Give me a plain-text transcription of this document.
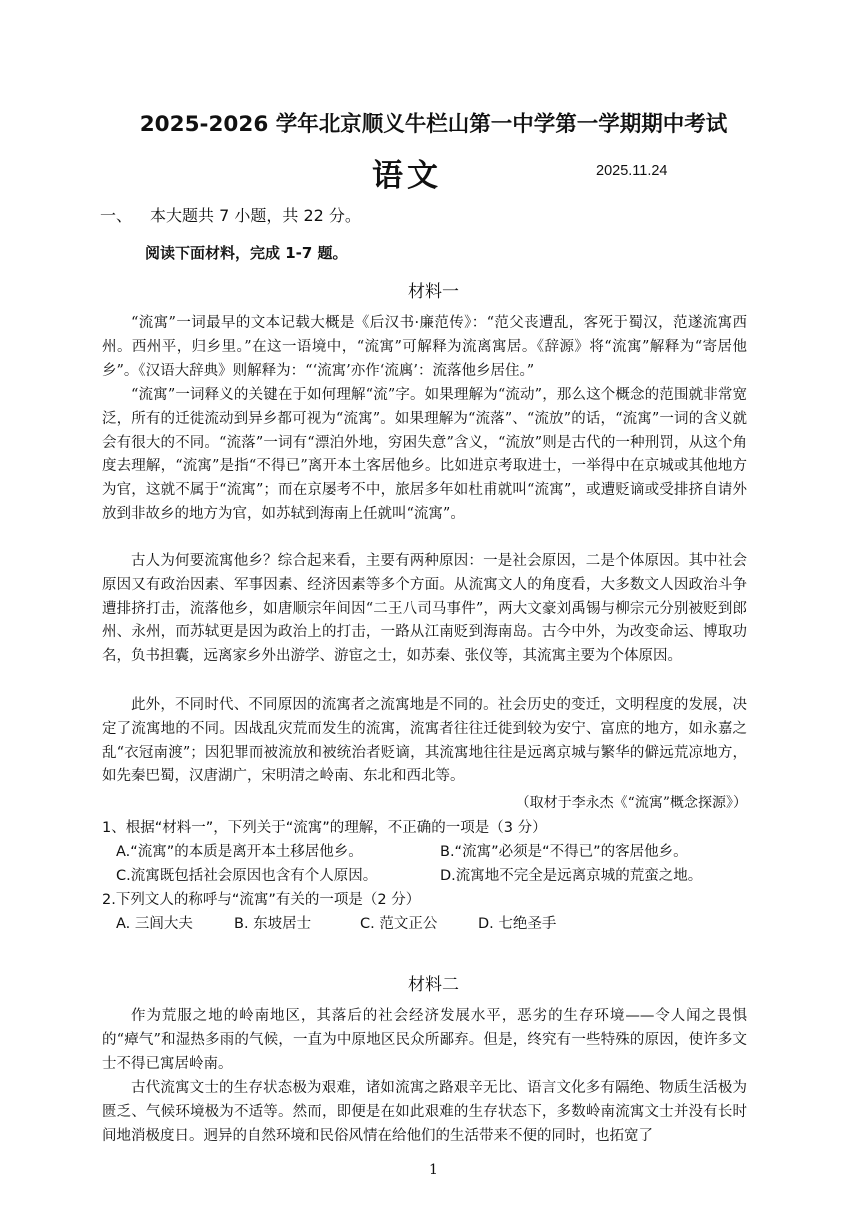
2025-2026 学年北京顺义牛栏山第一中学第一学期期中考试
语文	2025.11.24
一、 本大题共 7 小题，共 22 分。
阅读下面材料，完成 1-7 题。
材料一
“流寓”一词最早的文本记载大概是《后汉书·廉范传》：“范父丧遭乱，客死于蜀汉，范遂流寓西州。西州平，归乡里。”在这一语境中，“流寓”可解释为流离寓居。《辞源》将“流寓”解释为“寄居他乡”。《汉语大辞典》则解释为：“‘流寓’亦作‘流庽’：流落他乡居住。”
“流寓”一词释义的关键在于如何理解“流”字。如果理解为“流动”，那么这个概念的范围就非常宽泛，所有的迁徙流动到异乡都可视为“流寓”。如果理解为“流落”、“流放”的话，“流寓”一词的含义就会有很大的不同。“流落”一词有“漂泊外地，穷困失意”含义，“流放”则是古代的一种刑罚，从这个角度去理解，“流寓”是指“不得已”离开本土客居他乡。比如进京考取进士，一举得中在京城或其他地方为官，这就不属于“流寓”；而在京屡考不中，旅居多年如杜甫就叫“流寓”，或遭贬谪或受排挤自请外放到非故乡的地方为官，如苏轼到海南上任就叫“流寓”。
古人为何要流寓他乡？综合起来看，主要有两种原因：一是社会原因，二是个体原因。其中社会原因又有政治因素、军事因素、经济因素等多个方面。从流寓文人的角度看，大多数文人因政治斗争遭排挤打击，流落他乡，如唐顺宗年间因“二王八司马事件”，两大文豪刘禹锡与柳宗元分别被贬到郎州、永州，而苏轼更是因为政治上的打击，一路从江南贬到海南岛。古今中外，为改变命运、博取功名，负书担囊，远离家乡外出游学、游宦之士，如苏秦、张仪等，其流寓主要为个体原因。
此外，不同时代、不同原因的流寓者之流寓地是不同的。社会历史的变迁，文明程度的发展，决定了流寓地的不同。因战乱灾荒而发生的流寓，流寓者往往迁徙到较为安宁、富庶的地方，如永嘉之乱“衣冠南渡”；因犯罪而被流放和被统治者贬谪，其流寓地往往是远离京城与繁华的僻远荒凉地方，如先秦巴蜀，汉唐湖广，宋明清之岭南、东北和西北等。
（取材于李永杰《“流寓”概念探源》）
1、根据“材料一”，下列关于“流寓”的理解，不正确的一项是（3 分）
A.“流寓”的本质是离开本土移居他乡。	B.“流寓”必须是“不得已”的客居他乡。
C.流寓既包括社会原因也含有个人原因。	D.流寓地不完全是远离京城的荒蛮之地。
2.下列文人的称呼与“流寓”有关的一项是（2 分）
A. 三闾大夫	B. 东坡居士	C. 范文正公	D. 七绝圣手
材料二
作为荒服之地的岭南地区，其落后的社会经济发展水平，恶劣的生存环境——令人闻之畏惧的“瘴气”和湿热多雨的气候，一直为中原地区民众所鄙弃。但是，终究有一些特殊的原因，使许多文士不得已寓居岭南。
古代流寓文士的生存状态极为艰难，诸如流寓之路艰辛无比、语言文化多有隔绝、物质生活极为匮乏、气候环境极为不适等。然而，即便是在如此艰难的生存状态下，多数岭南流寓文士并没有长时间地消极度日。迥异的自然环境和民俗风情在给他们的生活带来不便的同时，也拓宽了
1
